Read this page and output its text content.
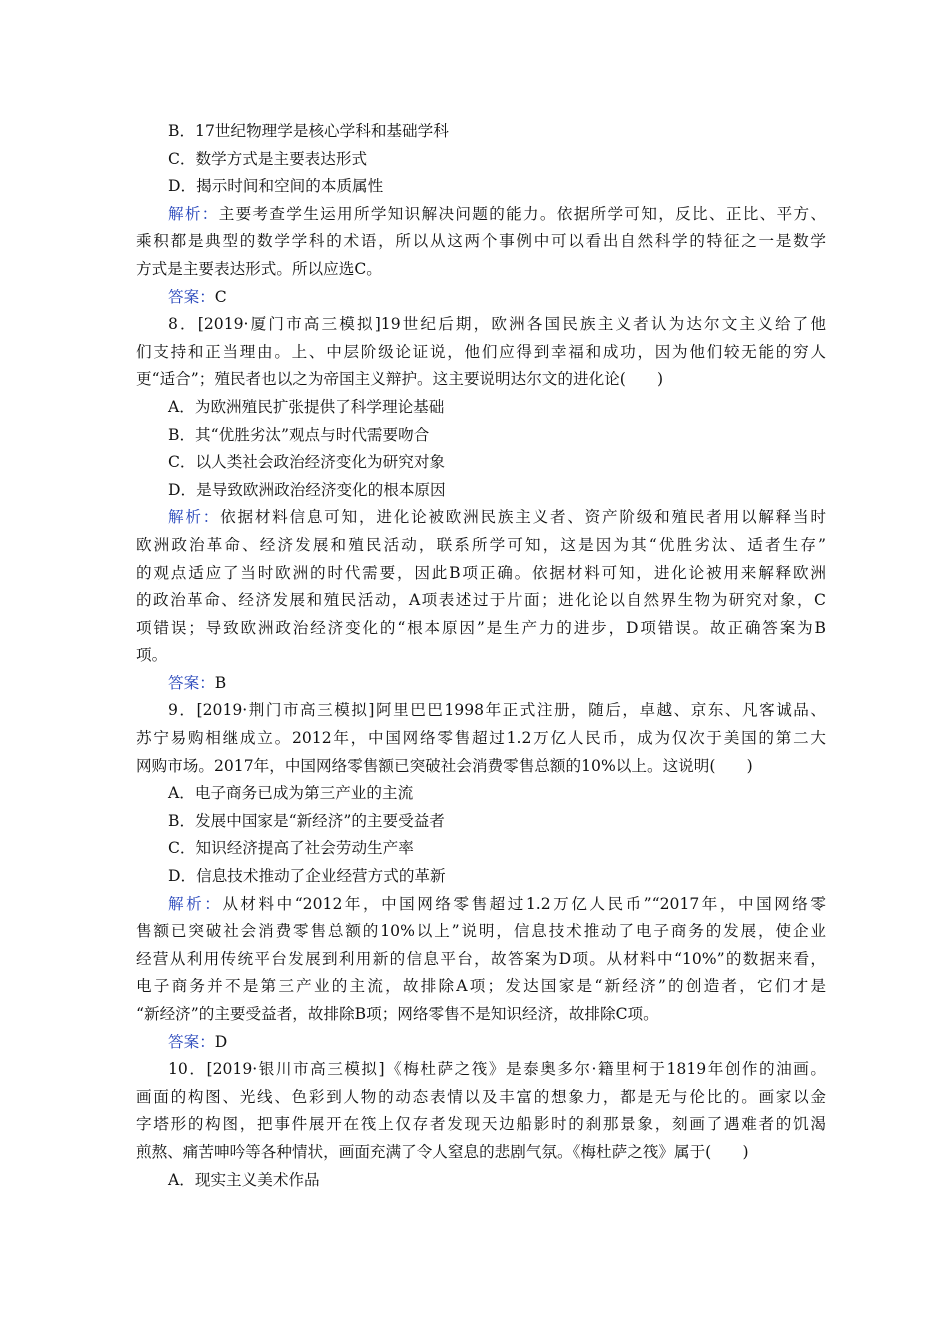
B．17世纪物理学是核心学科和基础学科
C．数学方式是主要表达形式
D．揭示时间和空间的本质属性
解析：主要考查学生运用所学知识解决问题的能力。依据所学可知，反比、正比、平方、
乘积都是典型的数学学科的术语，所以从这两个事例中可以看出自然科学的特征之一是数学
方式是主要表达形式。所以应选C。
答案：C
8．[2019·厦门市高三模拟]19世纪后期，欧洲各国民族主义者认为达尔文主义给了他
们支持和正当理由。上、中层阶级论证说，他们应得到幸福和成功，因为他们较无能的穷人
更“适合”；殖民者也以之为帝国主义辩护。这主要说明达尔文的进化论(　　)
A．为欧洲殖民扩张提供了科学理论基础
B．其“优胜劣汰”观点与时代需要吻合
C．以人类社会政治经济变化为研究对象
D．是导致欧洲政治经济变化的根本原因
解析：依据材料信息可知，进化论被欧洲民族主义者、资产阶级和殖民者用以解释当时
欧洲政治革命、经济发展和殖民活动，联系所学可知，这是因为其“优胜劣汰、适者生存”
的观点适应了当时欧洲的时代需要，因此B项正确。依据材料可知，进化论被用来解释欧洲
的政治革命、经济发展和殖民活动，A项表述过于片面；进化论以自然界生物为研究对象，C
项错误；导致欧洲政治经济变化的“根本原因”是生产力的进步，D项错误。故正确答案为B
项。
答案：B
9．[2019·荆门市高三模拟]阿里巴巴1998年正式注册，随后，卓越、京东、凡客诚品、
苏宁易购相继成立。2012年，中国网络零售超过1.2万亿人民币，成为仅次于美国的第二大
网购市场。2017年，中国网络零售额已突破社会消费零售总额的10%以上。这说明(　　)
A．电子商务已成为第三产业的主流
B．发展中国家是“新经济”的主要受益者
C．知识经济提高了社会劳动生产率
D．信息技术推动了企业经营方式的革新
解析：从材料中“2012年，中国网络零售超过1.2万亿人民币”“2017年，中国网络零
售额已突破社会消费零售总额的10%以上”说明，信息技术推动了电子商务的发展，使企业
经营从利用传统平台发展到利用新的信息平台，故答案为D项。从材料中“10%”的数据来看，
电子商务并不是第三产业的主流，故排除A项；发达国家是“新经济”的创造者，它们才是
“新经济”的主要受益者，故排除B项；网络零售不是知识经济，故排除C项。
答案：D
10．[2019·银川市高三模拟]《梅杜萨之筏》是泰奥多尔·籍里柯于1819年创作的油画。
画面的构图、光线、色彩到人物的动态表情以及丰富的想象力，都是无与伦比的。画家以金
字塔形的构图，把事件展开在筏上仅存者发现天边船影时的刹那景象，刻画了遇难者的饥渴
煎熬、痛苦呻吟等各种情状，画面充满了令人窒息的悲剧气氛。《梅杜萨之筏》属于(　　)
A．现实主义美术作品
